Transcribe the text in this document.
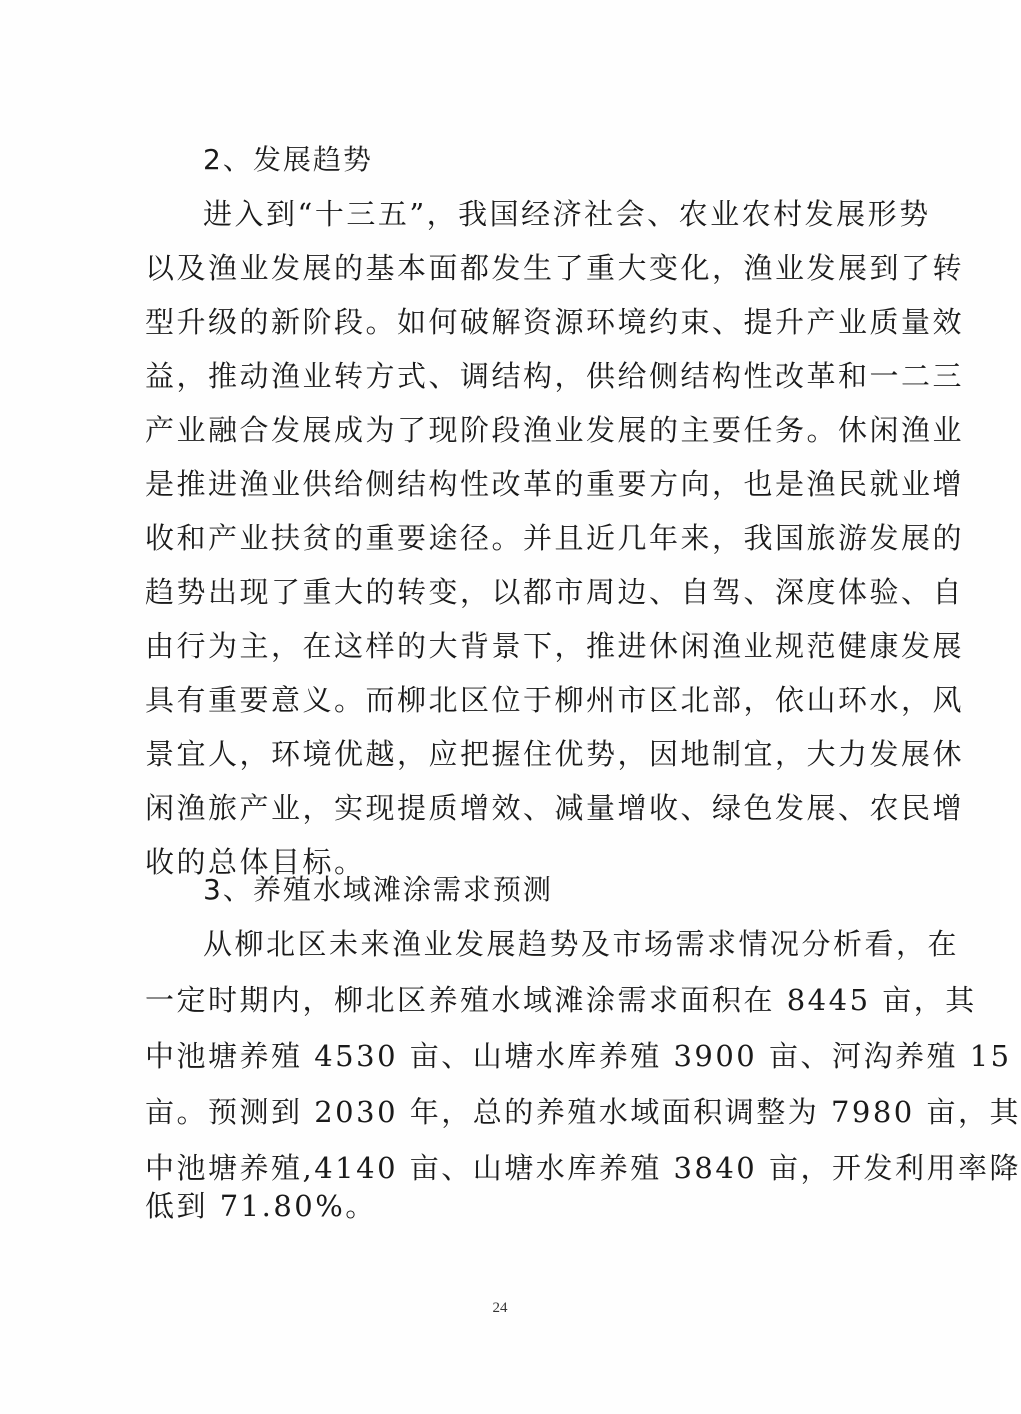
2、发展趋势
进入到“十三五”，我国经济社会、农业农村发展形势
以及渔业发展的基本面都发生了重大变化，渔业发展到了转
型升级的新阶段。如何破解资源环境约束、提升产业质量效
益，推动渔业转方式、调结构，供给侧结构性改革和一二三
产业融合发展成为了现阶段渔业发展的主要任务。休闲渔业
是推进渔业供给侧结构性改革的重要方向，也是渔民就业增
收和产业扶贫的重要途径。并且近几年来，我国旅游发展的
趋势出现了重大的转变，以都市周边、自驾、深度体验、自
由行为主，在这样的大背景下，推进休闲渔业规范健康发展
具有重要意义。而柳北区位于柳州市区北部，依山环水，风
景宜人，环境优越，应把握住优势，因地制宜，大力发展休
闲渔旅产业，实现提质增效、减量增收、绿色发展、农民增
收的总体目标。
3、养殖水域滩涂需求预测
从柳北区未来渔业发展趋势及市场需求情况分析看，在
一定时期内，柳北区养殖水域滩涂需求面积在 8445 亩，其
中池塘养殖 4530 亩、山塘水库养殖 3900 亩、河沟养殖 15
亩。预测到 2030 年，总的养殖水域面积调整为 7980 亩，其
中池塘养殖,4140 亩、山塘水库养殖 3840 亩，开发利用率降
低到 71.80%。
24
